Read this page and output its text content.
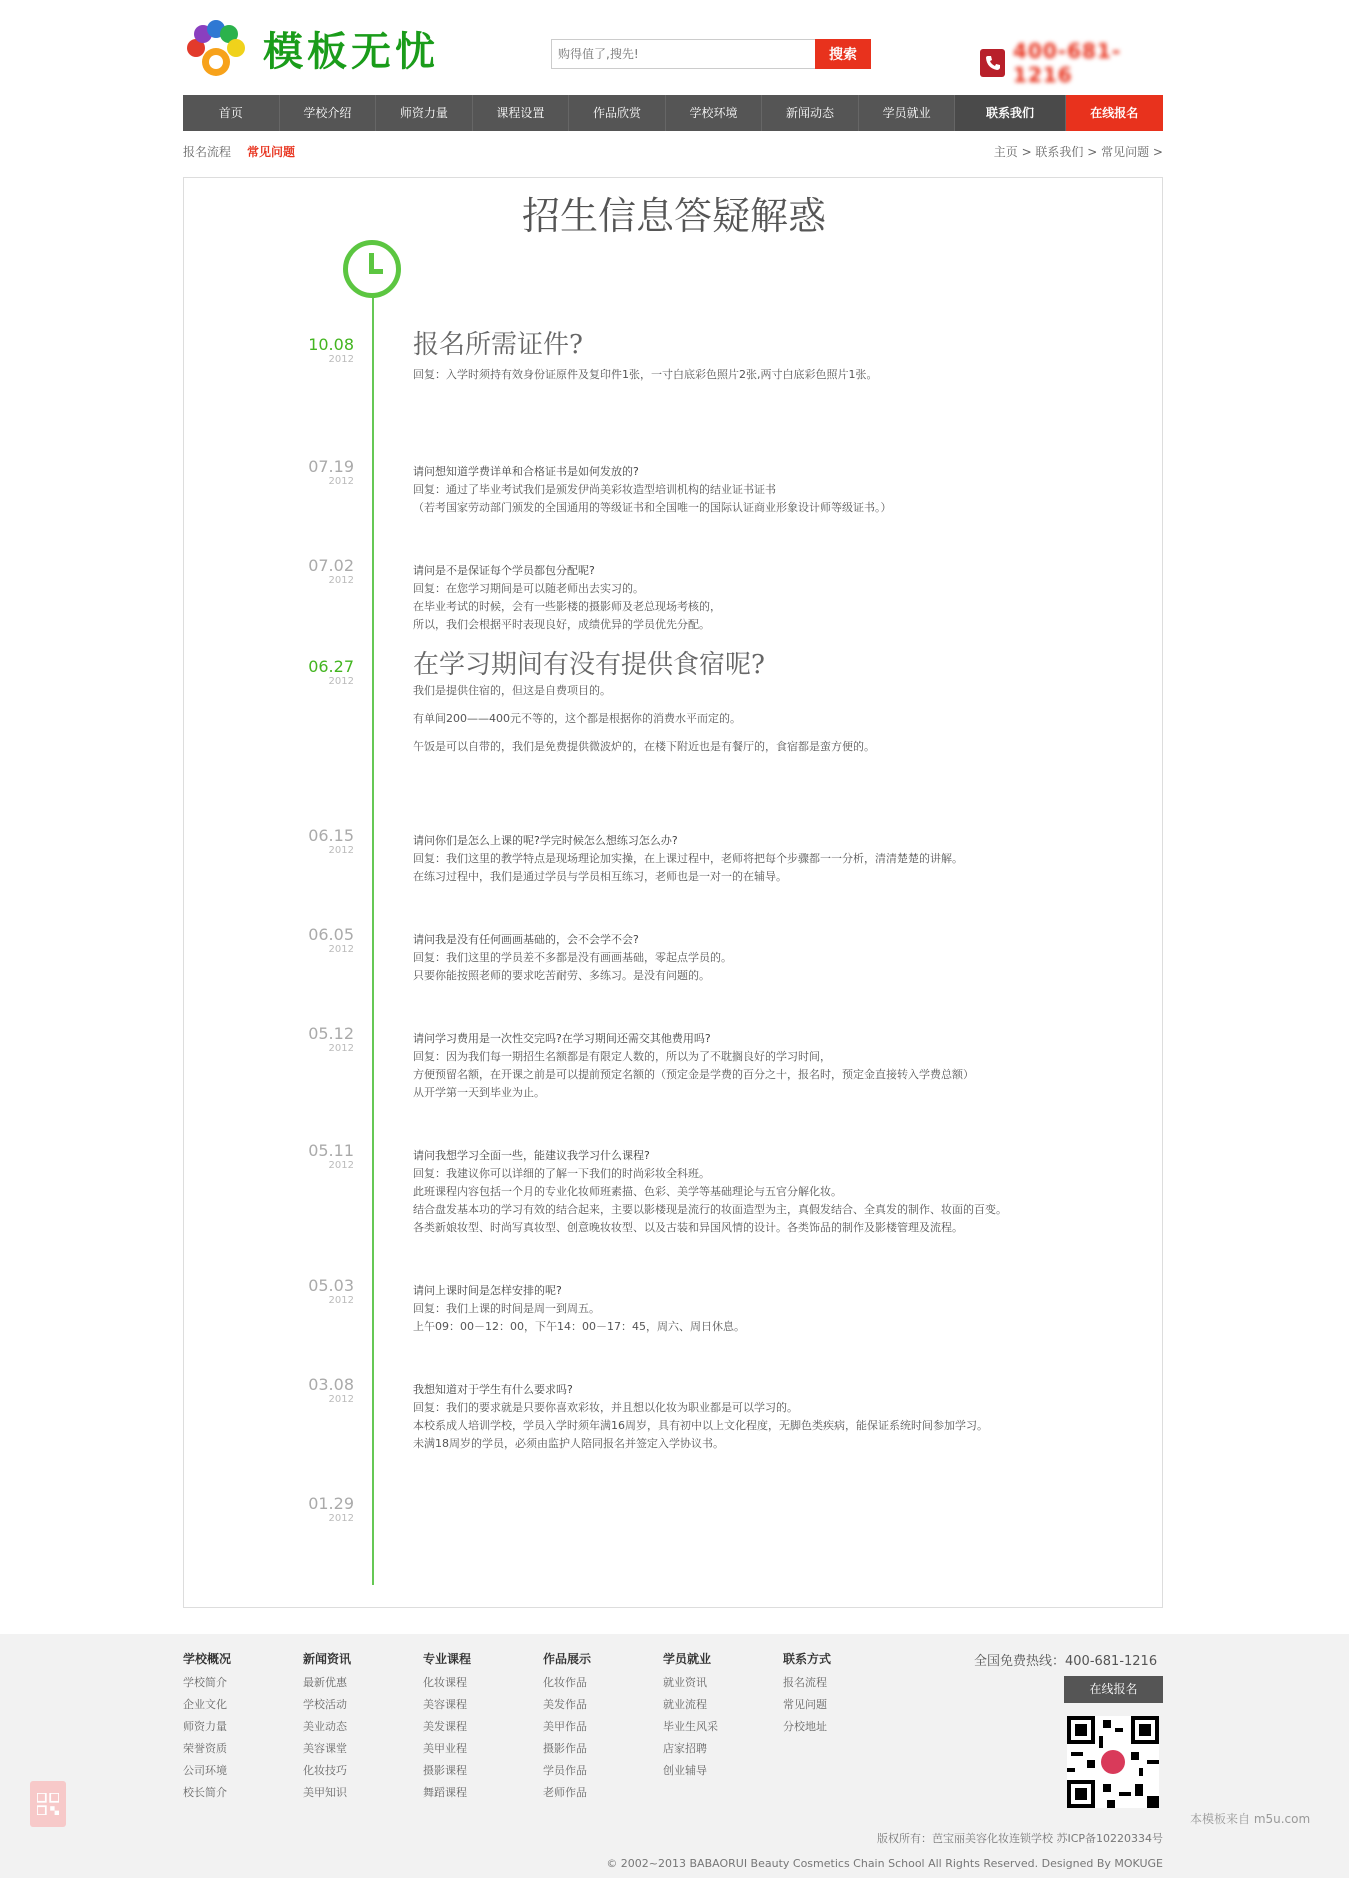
模板无忧
购得值了,搜先!	搜索	400-681-1216
首页	学校介绍	师资力量	课程设置	作品欣赏	学校环境	新闻动态	学员就业	联系我们	在线报名
报名流程 常见问题	主页 > 联系我们 > 常见问题 >
招生信息答疑解惑
10.08
2012 报名所需证件?
回复：入学时须持有效身份证原件及复印件1张，一寸白底彩色照片2张,两寸白底彩色照片1张。
07.19
2012
请问想知道学费详单和合格证书是如何发放的?
回复：通过了毕业考试我们是颁发伊尚美彩妆造型培训机构的结业证书证书
（若考国家劳动部门颁发的全国通用的等级证书和全国唯一的国际认证商业形象设计师等级证书。）
07.02
2012
请问是不是保证每个学员都包分配呢?
回复：在您学习期间是可以随老师出去实习的。
在毕业考试的时候，会有一些影楼的摄影师及老总现场考核的，
所以，我们会根据平时表现良好，成绩优异的学员优先分配。
06.27
2012
在学习期间有没有提供食宿呢?

我们是提供住宿的，但这是自费项目的。

有单间200——400元不等的，这个都是根据你的消费水平而定的。

午饭是可以自带的，我们是免费提供微波炉的，在楼下附近也是有餐厅的，食宿都是蛮方便的。

06.15
2012
请问你们是怎么上课的呢?学完时候怎么想练习怎么办?
回复：我们这里的教学特点是现场理论加实操，在上课过程中，老师将把每个步骤都一一分析，清清楚楚的讲解。
在练习过程中，我们是通过学员与学员相互练习，老师也是一对一的在辅导。
06.05
2012
请问我是没有任何画画基础的，会不会学不会?
回复：我们这里的学员差不多都是没有画画基础，零起点学员的。
只要你能按照老师的要求吃苦耐劳、多练习。是没有问题的。
05.12
2012
请问学习费用是一次性交完吗?在学习期间还需交其他费用吗?
回复：因为我们每一期招生名额都是有限定人数的，所以为了不耽搁良好的学习时间，
方便预留名额，在开课之前是可以提前预定名额的（预定金是学费的百分之十，报名时，预定金直接转入学费总额）
从开学第一天到毕业为止。
05.11
2012
请问我想学习全面一些，能建议我学习什么课程?
回复：我建议你可以详细的了解一下我们的时尚彩妆全科班。
此班课程内容包括一个月的专业化妆师班素描、色彩、美学等基础理论与五官分解化妆。
结合盘发基本功的学习有效的结合起来，主要以影楼现是流行的妆面造型为主，真假发结合、全真发的制作、妆面的百变。
各类新娘妆型、时尚写真妆型、创意晚妆妆型、以及古装和异国风情的设计。各类饰品的制作及影楼管理及流程。
05.03
2012
请问上课时间是怎样安排的呢?
回复：我们上课的时间是周一到周五。
上午09：00－12：00，下午14：00－17：45，周六、周日休息。
03.08
2012
我想知道对于学生有什么要求吗?
回复：我们的要求就是只要你喜欢彩妆，并且想以化妆为职业都是可以学习的。
本校系成人培训学校，学员入学时须年满16周岁，具有初中以上文化程度，无脚色类疾病，能保证系统时间参加学习。
未满18周岁的学员，必须由监护人陪同报名并签定入学协议书。
01.29
2012
学校概况
学校简介
企业文化
师资力量
荣誉资质
公司环境
校长简介
新闻资讯
最新优惠
学校活动
美业动态
美容课堂
化妆技巧
美甲知识
专业课程
化妆课程
美容课程
美发课程
美甲业程
摄影课程
舞蹈课程
作品展示
化妆作品
美发作品
美甲作品
摄影作品
学员作品
老师作品
学员就业
就业资讯
就业流程
毕业生风采
店家招聘
创业辅导
联系方式
报名流程
常见问题
分校地址
全国免费热线：400-681-1216
在线报名
版权所有：芭宝丽美容化妆连锁学校 苏ICP备10220334号
© 2002~2013 BABAORUI Beauty Cosmetics Chain School All Rights Reserved. Designed By MOKUGE
本模板来自 m5u.com
